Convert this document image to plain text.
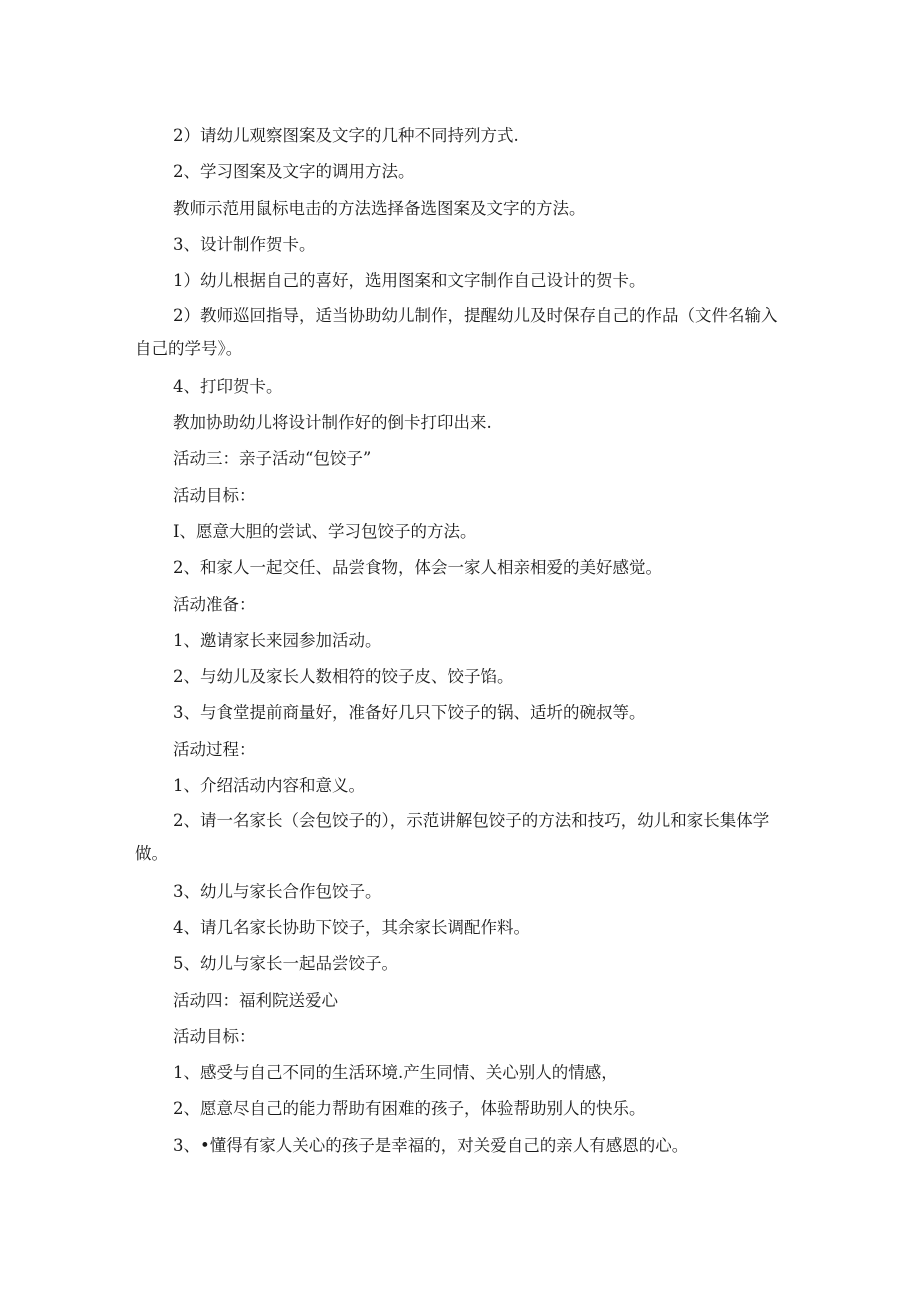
2）请幼儿观察图案及文字的几种不同持列方式.

2、学习图案及文字的调用方法。

教师示范用鼠标电击的方法选择备选图案及文字的方法。

3、设计制作贺卡。

1）幼儿根据自己的喜好，选用图案和文字制作自己设计的贺卡。

2）教师巡回指导，适当协助幼儿制作，提醒幼儿及时保存自己的作品（文件名输入自己的学号》。

4、打印贺卡。

教加协助幼儿将设计制作好的倒卡打印出来.

活动三：亲子活动“包饺子”

活动目标：

I、愿意大胆的尝试、学习包饺子的方法。

2、和家人一起交任、品尝食物，体会一家人相亲相爱的美好感觉。

活动准备：

1、邀请家长来园参加活动。

2、与幼儿及家长人数相符的饺子皮、饺子馅。

3、与食堂提前商量好，准备好几只下饺子的锅、适圻的碗叔等。

活动过程：

1、介绍活动内容和意义。

2、请一名家长（会包饺子的），示范讲解包饺子的方法和技巧，幼儿和家长集体学做。

3、幼儿与家长合作包饺子。

4、请几名家长协助下饺子，其余家长调配作料。

5、幼儿与家长一起品尝饺子。

活动四：福利院送爱心

活动目标：

1、感受与自己不同的生活环境.产生同情、关心别人的情感，

2、愿意尽自己的能力帮助有困难的孩子，体验帮助别人的快乐。

3、•懂得有家人关心的孩子是幸福的，对关爱自己的亲人有感恩的心。
